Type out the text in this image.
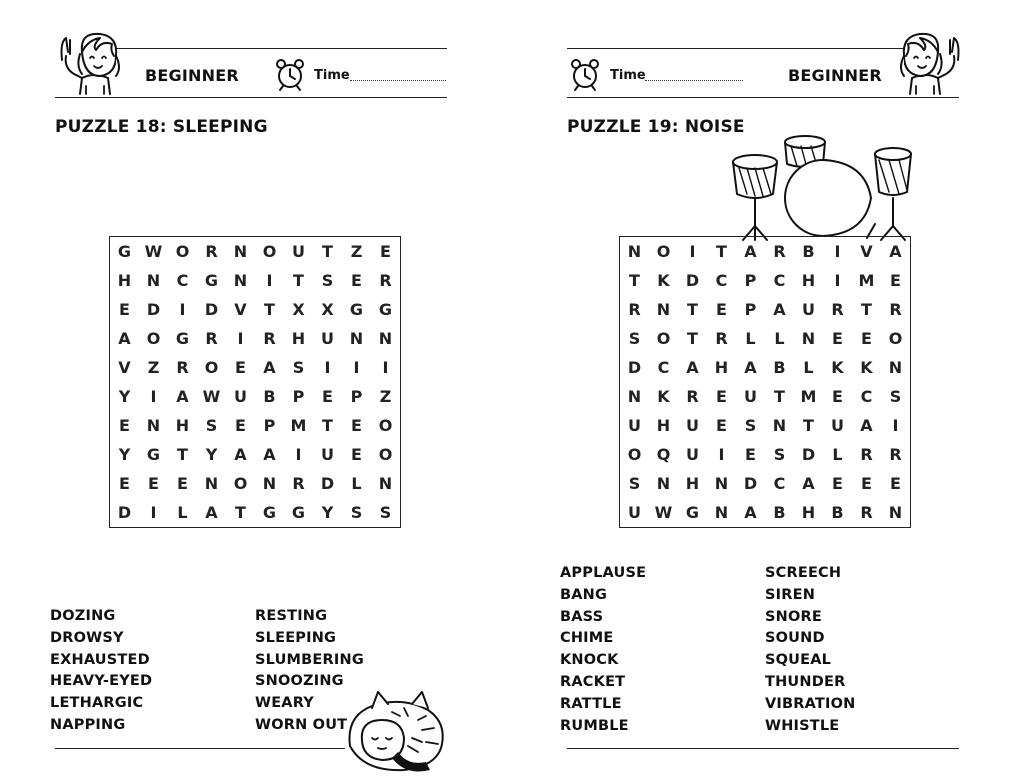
BEGINNER	Time
PUZZLE 18: SLEEPING
G W O	R	N O U	T	Z	E
H N	C	G N	I	T	S	E	R
E	D	I	D	V	T	X	X	G G
A	O G	R	I	R	H U N N
V	Z	R	O	E	A	S	I	I	I
Y	I	A W U	B	P	E	P	Z
E	N H	S	E	P M T	E	O
Y	G	T	Y	A	A	I	U	E	O
E	E	E	N O N	R	D	L	N
D	I	L	A	T	G G	Y	S	S
DOZING
DROWSY
EXHAUSTED
HEAVY-EYED
LETHARGIC
NAPPING
RESTING
SLEEPING
SLUMBERING
SNOOZING
WEARY
WORN OUT
Time	BEGINNER
PUZZLE 19: NOISE
N O	I	T	A	R	B	I	V	A
T	K	D	C	P	C	H	I	M E
R	N	T	E	P	A	U	R	T	R
S	O	T	R	L	L	N	E	E	O
D	C	A	H	A	B	L	K	K	N
N	K	R	E	U	T M E	C	S
U H U	E	S	N	T	U	A	I
O Q U	I	E	S	D	L	R	R
S	N H N D	C	A	E	E	E
U W G N	A	B	H	B	R	N
APPLAUSE
BANG
BASS
CHIME
KNOCK
RACKET
RATTLE
RUMBLE
SCREECH
SIREN
SNORE
SOUND
SQUEAL
THUNDER
VIBRATION
WHISTLE
